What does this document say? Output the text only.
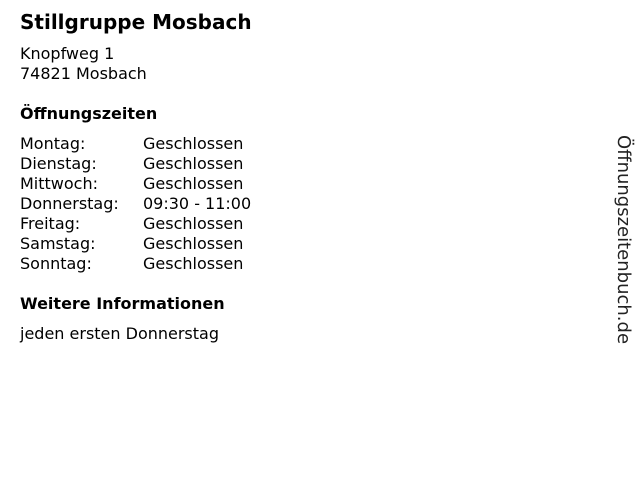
Stillgruppe Mosbach
Knopfweg 1
74821 Mosbach
Öffnungszeiten
Montag:	Geschlossen
Dienstag:	Geschlossen
Mittwoch:	Geschlossen
Donnerstag:	09:30 - 11:00
Freitag:	Geschlossen
Samstag:	Geschlossen
Sonntag:	Geschlossen
Weitere Informationen
jeden ersten Donnerstag	Öffnungszeitenbuch.de
